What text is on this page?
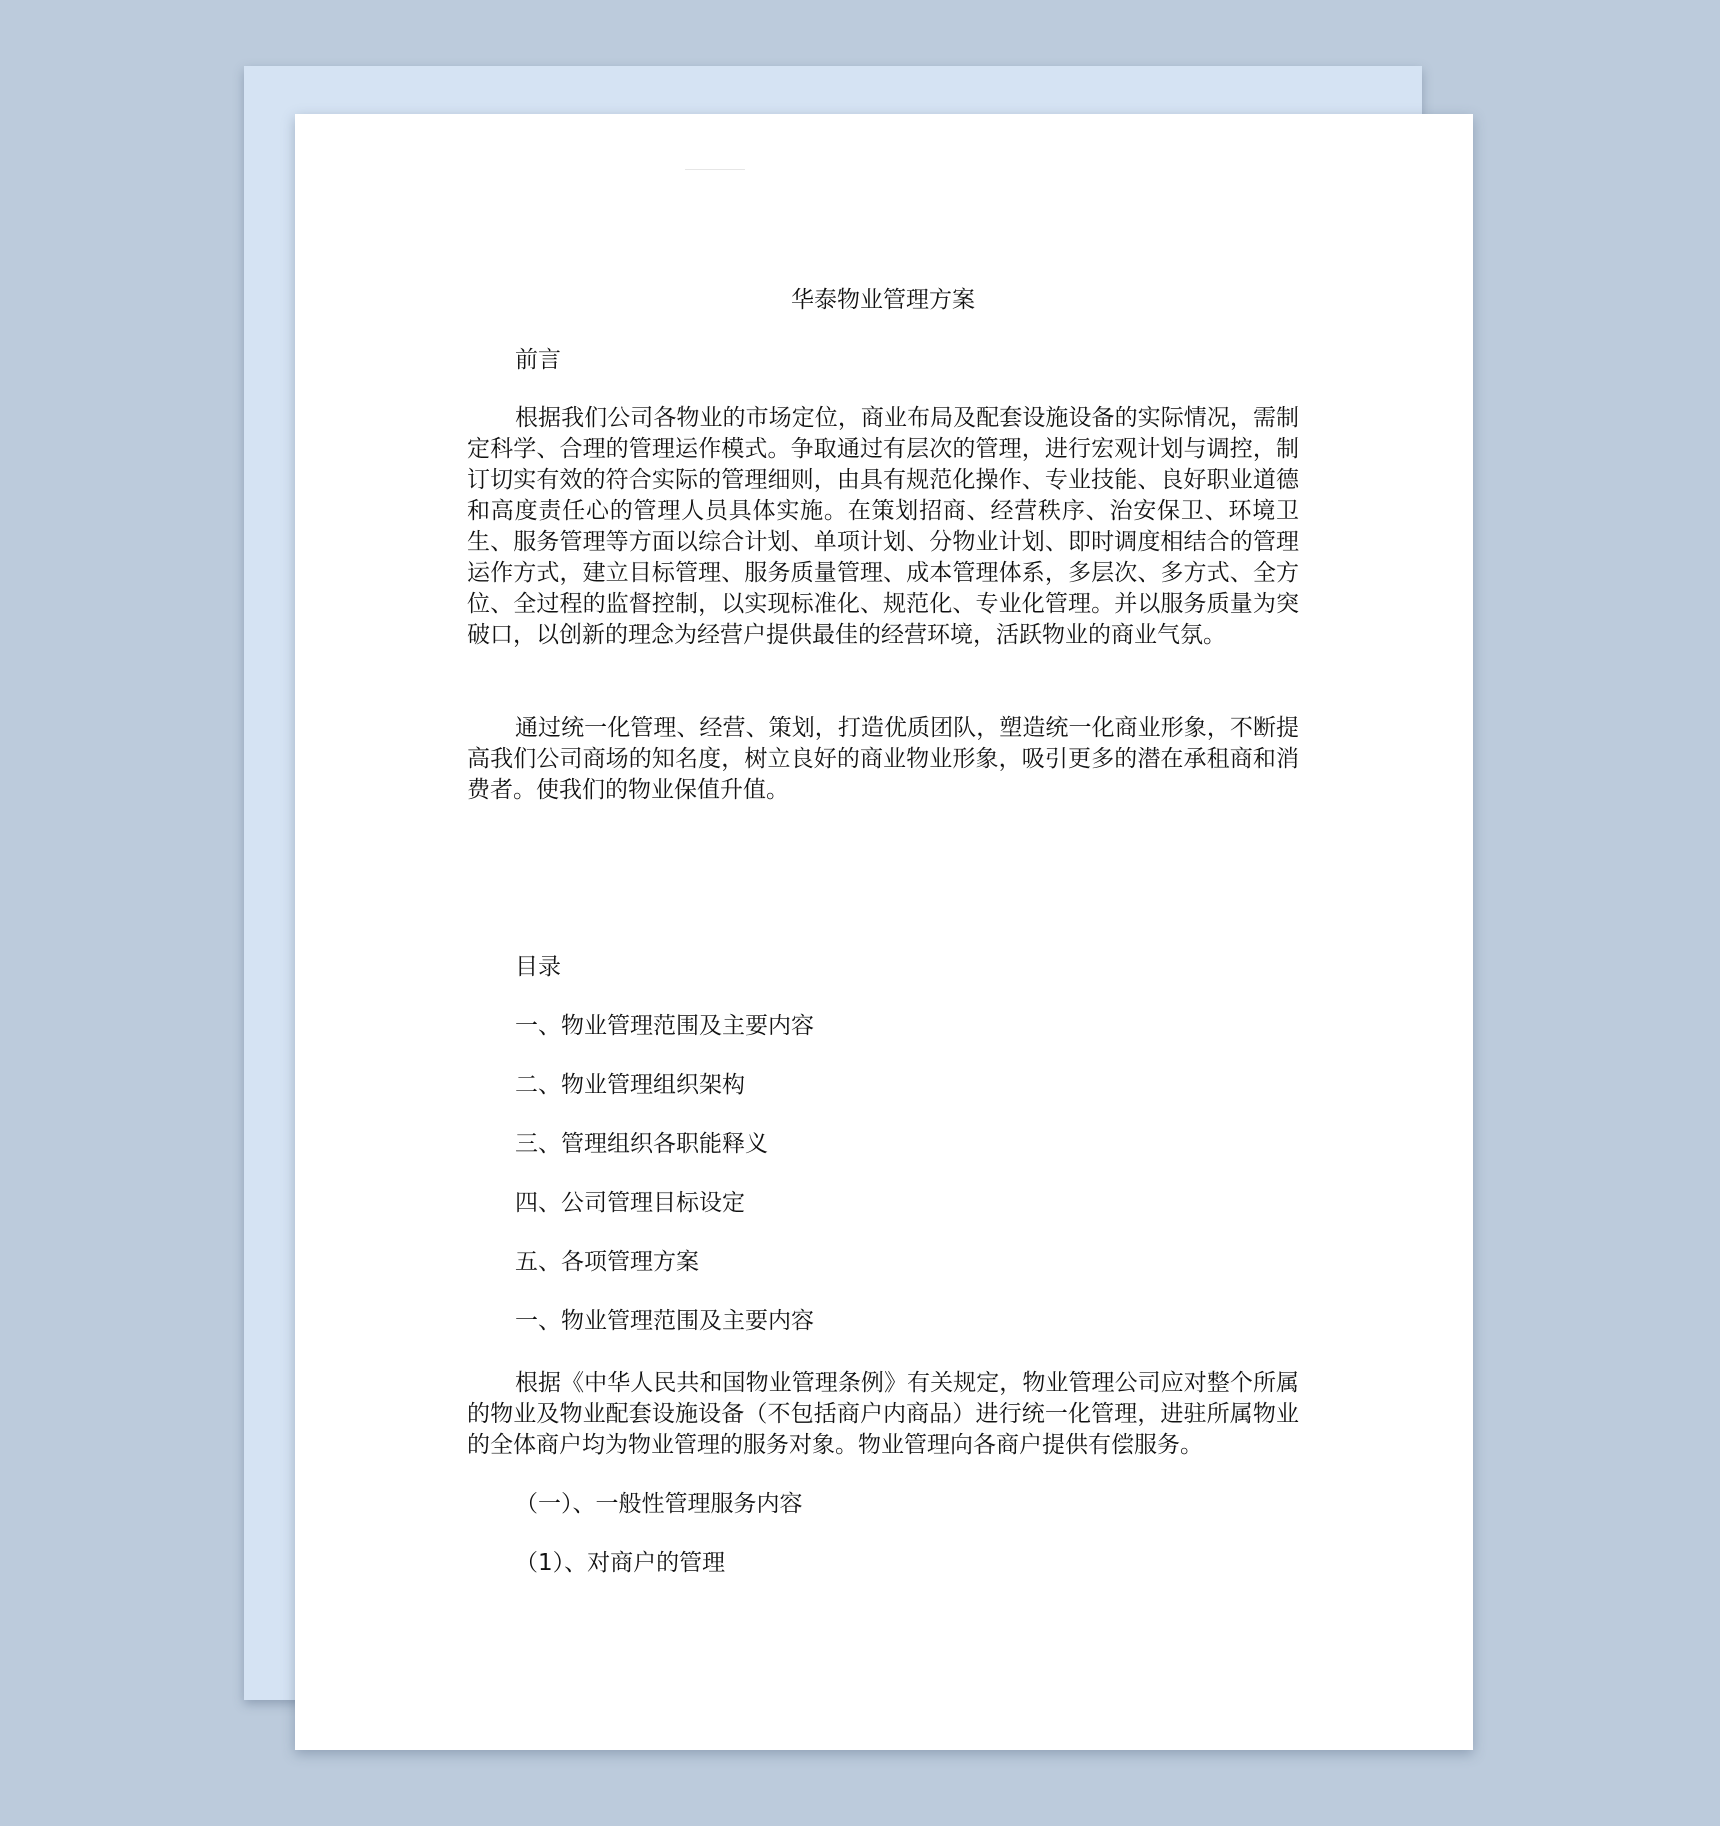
华泰物业管理方案
前言

根据我们公司各物业的市场定位，商业布局及配套设施设备的实际情况，需制定科学、合理的管理运作模式。争取通过有层次的管理，进行宏观计划与调控，制订切实有效的符合实际的管理细则，由具有规范化操作、专业技能、良好职业道德和高度责任心的管理人员具体实施。在策划招商、经营秩序、治安保卫、环境卫生、服务管理等方面以综合计划、单项计划、分物业计划、即时调度相结合的管理运作方式，建立目标管理、服务质量管理、成本管理体系，多层次、多方式、全方位、全过程的监督控制，以实现标准化、规范化、专业化管理。并以服务质量为突破口，以创新的理念为经营户提供最佳的经营环境，活跃物业的商业气氛。

通过统一化管理、经营、策划，打造优质团队，塑造统一化商业形象，不断提高我们公司商场的知名度，树立良好的商业物业形象，吸引更多的潜在承租商和消费者。使我们的物业保值升值。

目录
一、物业管理范围及主要内容
二、物业管理组织架构
三、管理组织各职能释义
四、公司管理目标设定
五、各项管理方案
一、物业管理范围及主要内容

根据《中华人民共和国物业管理条例》有关规定，物业管理公司应对整个所属的物业及物业配套设施设备（不包括商户内商品）进行统一化管理，进驻所属物业的全体商户均为物业管理的服务对象。物业管理向各商户提供有偿服务。

（一）、一般性管理服务内容
（1）、对商户的管理
